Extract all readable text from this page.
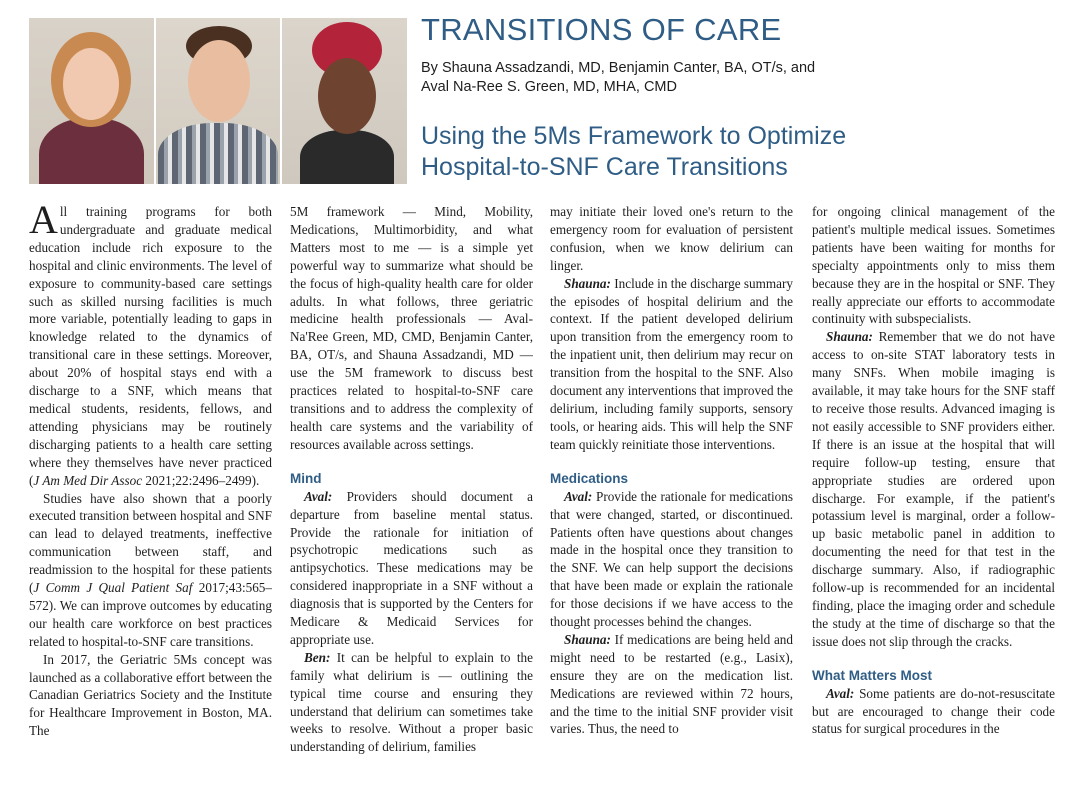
TRANSITIONS OF CARE

By Shauna Assadzandi, MD, Benjamin Canter, BA, OT/s, and
Aval Na-Ree S. Green, MD, MHA, CMD

Using the 5Ms Framework to Optimize
Hospital-to-SNF Care Transitions

All training programs for both undergraduate and graduate medical education include rich exposure to the hospital and clinic environments. The level of exposure to community-based care settings such as skilled nursing facilities is much more variable, potentially leading to gaps in knowledge related to the dynamics of transitional care in these settings. Moreover, about 20% of hospital stays end with a discharge to a SNF, which means that medical students, residents, fellows, and attending physicians may be routinely discharging patients to a health care setting where they themselves have never practiced (J Am Med Dir Assoc 2021;22:2496–2499).

Studies have also shown that a poorly executed transition between hospital and SNF can lead to delayed treatments, ineffective communication between staff, and readmission to the hospital for these patients (J Comm J Qual Patient Saf 2017;43:565–572). We can improve outcomes by educating our health care workforce on best practices related to hospital-to-SNF care transitions.

In 2017, the Geriatric 5Ms concept was launched as a collaborative effort between the Canadian Geriatrics Society and the Institute for Healthcare Improvement in Boston, MA. The

5M framework — Mind, Mobility, Medications, Multimorbidity, and what Matters most to me — is a simple yet powerful way to summarize what should be the focus of high-quality health care for older adults. In what follows, three geriatric medicine health professionals — Aval-Na'Ree Green, MD, CMD, Benjamin Canter, BA, OT/s, and Shauna Assadzandi, MD — use the 5M framework to discuss best practices related to hospital-to-SNF care transitions and to address the complexity of health care systems and the variability of resources available across settings.

Mind

Aval: Providers should document a departure from baseline mental status. Provide the rationale for initiation of psychotropic medications such as antipsychotics. These medications may be considered inappropriate in a SNF without a diagnosis that is supported by the Centers for Medicare & Medicaid Services for appropriate use.

Ben: It can be helpful to explain to the family what delirium is — outlining the typical time course and ensuring they understand that delirium can sometimes take weeks to resolve. Without a proper basic understanding of delirium, families

may initiate their loved one's return to the emergency room for evaluation of persistent confusion, when we know delirium can linger.

Shauna: Include in the discharge summary the episodes of hospital delirium and the context. If the patient developed delirium upon transition from the emergency room to the inpatient unit, then delirium may recur on transition from the hospital to the SNF. Also document any interventions that improved the delirium, including family supports, sensory tools, or hearing aids. This will help the SNF team quickly reinitiate those interventions.

Medications

Aval: Provide the rationale for medications that were changed, started, or discontinued. Patients often have questions about changes made in the hospital once they transition to the SNF. We can help support the decisions that have been made or explain the rationale for those decisions if we have access to the thought processes behind the changes.

Shauna: If medications are being held and might need to be restarted (e.g., Lasix), ensure they are on the medication list. Medications are reviewed within 72 hours, and the time to the initial SNF provider visit varies. Thus, the need to

for ongoing clinical management of the patient's multiple medical issues. Sometimes patients have been waiting for months for specialty appointments only to miss them because they are in the hospital or SNF. They really appreciate our efforts to accommodate continuity with subspecialists.

Shauna: Remember that we do not have access to on-site STAT laboratory tests in many SNFs. When mobile imaging is available, it may take hours for the SNF staff to receive those results. Advanced imaging is not easily accessible to SNF providers either. If there is an issue at the hospital that will require follow-up testing, ensure that appropriate studies are ordered upon discharge. For example, if the patient's potassium level is marginal, order a follow-up basic metabolic panel in addition to documenting the need for that test in the discharge summary. Also, if radiographic follow-up is recommended for an incidental finding, place the imaging order and schedule the study at the time of discharge so that the issue does not slip through the cracks.

What Matters Most

Aval: Some patients are do-not-resuscitate but are encouraged to change their code status for surgical procedures in the
